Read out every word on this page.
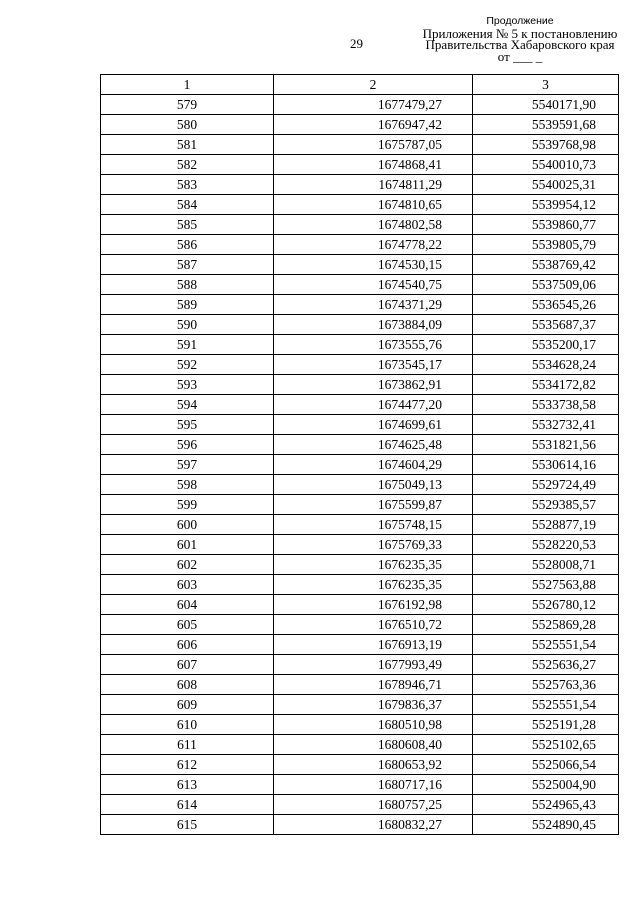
29
Продолжение
Приложения № 5 к постановлению
Правительства Хабаровского края
от ___ _
1	2	3
579	1677479,27	5540171,90
580	1676947,42	5539591,68
581	1675787,05	5539768,98
582	1674868,41	5540010,73
583	1674811,29	5540025,31
584	1674810,65	5539954,12
585	1674802,58	5539860,77
586	1674778,22	5539805,79
587	1674530,15	5538769,42
588	1674540,75	5537509,06
589	1674371,29	5536545,26
590	1673884,09	5535687,37
591	1673555,76	5535200,17
592	1673545,17	5534628,24
593	1673862,91	5534172,82
594	1674477,20	5533738,58
595	1674699,61	5532732,41
596	1674625,48	5531821,56
597	1674604,29	5530614,16
598	1675049,13	5529724,49
599	1675599,87	5529385,57
600	1675748,15	5528877,19
601	1675769,33	5528220,53
602	1676235,35	5528008,71
603	1676235,35	5527563,88
604	1676192,98	5526780,12
605	1676510,72	5525869,28
606	1676913,19	5525551,54
607	1677993,49	5525636,27
608	1678946,71	5525763,36
609	1679836,37	5525551,54
610	1680510,98	5525191,28
611	1680608,40	5525102,65
612	1680653,92	5525066,54
613	1680717,16	5525004,90
614	1680757,25	5524965,43
615	1680832,27	5524890,45
